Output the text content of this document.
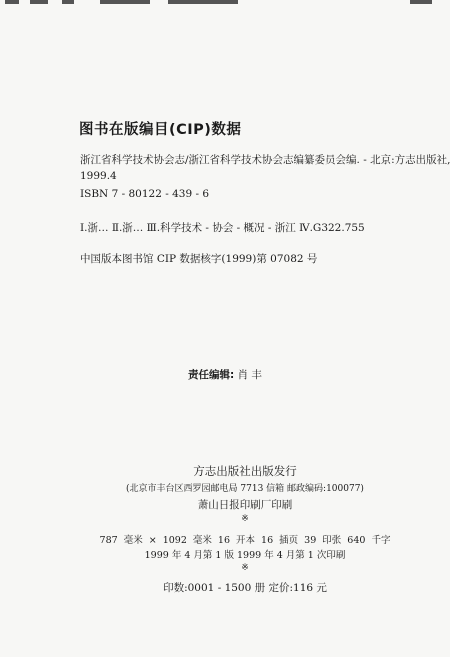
图书在版编目(CIP)数据
浙江省科学技术协会志/浙江省科学技术协会志编纂委员会编. - 北京:方志出版社,
1999.4
ISBN 7 - 80122 - 439 - 6
Ⅰ.浙… Ⅱ.浙… Ⅲ.科学技术 - 协会 - 概况 - 浙江 Ⅳ.G322.755
中国版本图书馆 CIP 数据核字(1999)第 07082 号
责任编辑: 肖 丰
方志出版社出版发行
(北京市丰台区西罗园邮电局 7713 信箱 邮政编码:100077)
萧山日报印刷厂印刷
※
787 毫米 × 1092 毫米 16 开本 16 插页 39 印张 640 千字
1999 年 4 月第 1 版 1999 年 4 月第 1 次印刷
※
印数:0001 - 1500 册 定价:116 元
